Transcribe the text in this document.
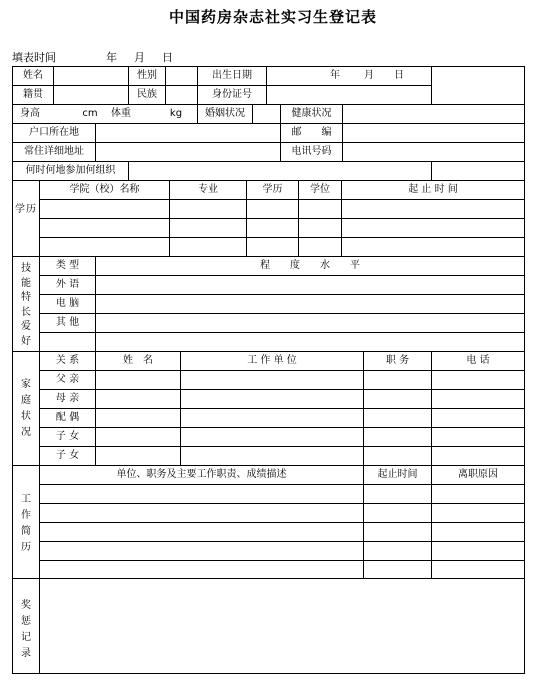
中国药房杂志社实习生登记表
填表时间	年 月 日
姓名	性别	出生日期	年 月 日
籍贯	民族	身份证号
身高	cm	体重	kg	婚姻状况	健康状况
户口所在地	邮　　编
常住详细地址	电讯号码
何时何地参加何组织
学历
学院（校）名称	专业	学历	学位	起 止 时 间
技能特长爱好
类 型	程　　度　　水　　平
外 语
电 脑
其 他
家庭状况
关 系	姓　名	工 作 单 位	职 务	电 话
父 亲
母 亲
配 偶
子 女
子 女
工作简历
单位、职务及主要工作职责、成绩描述	起止时间	离职原因
奖惩记录
